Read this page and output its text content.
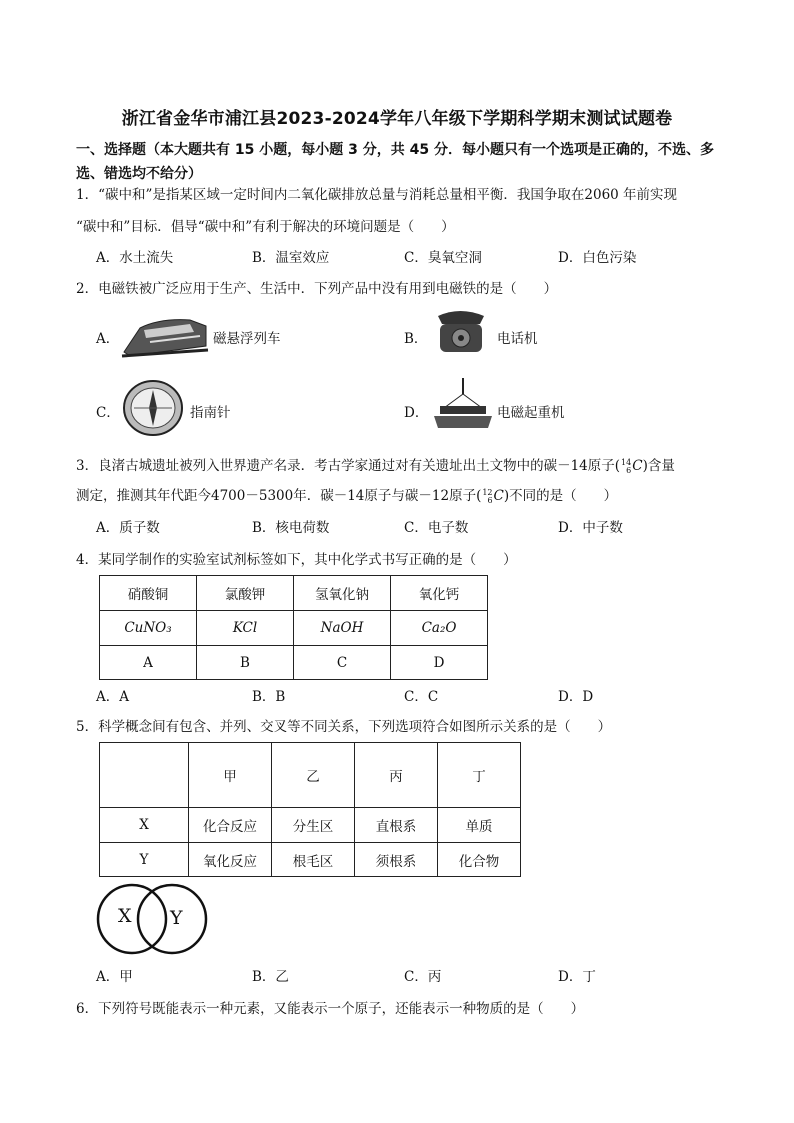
浙江省金华市浦江县2023-2024学年八年级下学期科学期末测试试题卷
一、选择题（本大题共有 15 小题，每小题 3 分，共 45 分．每小题只有一个选项是正确的，不选、多选、错选均不给分）
1．“碳中和”是指某区域一定时间内二氧化碳排放总量与消耗总量相平衡．我国争取在2060 年前实现
“碳中和”目标．倡导“碳中和”有利于解决的环境问题是（　　）
A．水土流失	B．温室效应	C．臭氧空洞	D．白色污染
2．电磁铁被广泛应用于生产、生活中．下列产品中没有用到电磁铁的是（　　）
A．	磁悬浮列车	B．	电话机
C．	指南针	D．	电磁起重机
3．良渚古城遗址被列入世界遗产名录．考古学家通过对有关遗址出土文物中的碳－14原子(14
6C)含量
测定，推测其年代距今4700－5300年．碳－14原子与碳－12原子(12
6C)不同的是（　　）
A．质子数	B．核电荷数	C．电子数	D．中子数
4．某同学制作的实验室试剂标签如下，其中化学式书写正确的是（　　）
硝酸铜	氯酸钾	氢氧化钠	氧化钙
CuNO₃	KCl	NaOH	Ca₂O
A	B	C	D
A．A	B．B	C．C	D．D
5．科学概念间有包含、并列、交叉等不同关系，下列选项符合如图所示关系的是（　　）
	甲	乙	丙	丁
X	化合反应	分生区	直根系	单质
Y	氧化反应	根毛区	须根系	化合物
X Y
A．甲	B．乙	C．丙	D．丁
6．下列符号既能表示一种元素，又能表示一个原子，还能表示一种物质的是（　　）
